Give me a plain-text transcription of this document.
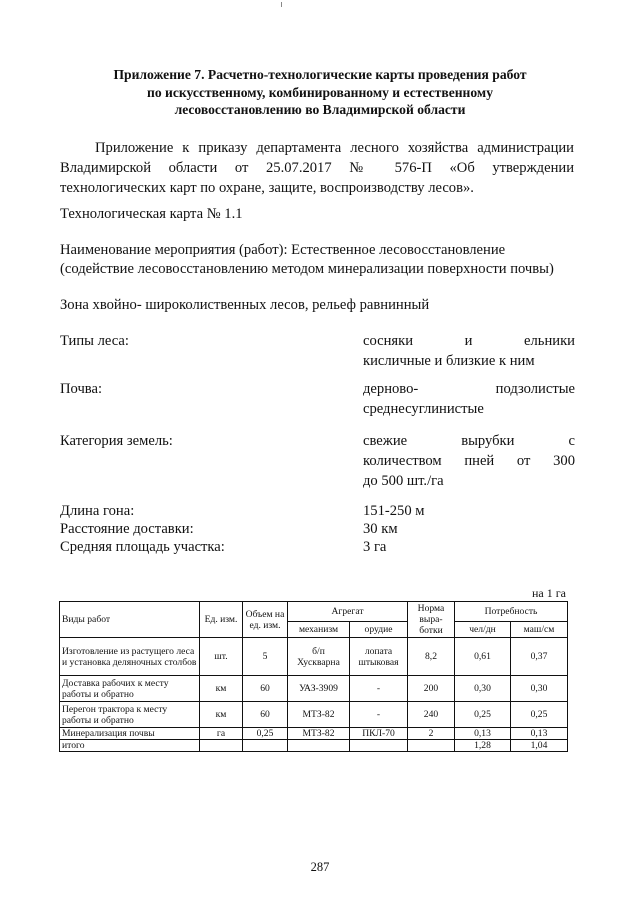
Приложение 7. Расчетно-технологические карты проведения работ
по искусственному, комбинированному и естественному
лесовосстановлению во Владимирской области
Приложение к приказу департамента лесного хозяйства администрации
Владимирской области от 25.07.2017 № 576-П «Об утверждении
технологических карт по охране, защите, воспроизводству лесов».
Технологическая карта № 1.1
Наименование мероприятия (работ): Естественное лесовосстановление
(содействие лесовосстановлению методом минерализации поверхности почвы)
Зона хвойно- широколиственных лесов, рельеф равнинный
Типы леса:	сосняки и ельники
кисличные и близкие к ним
Почва:	дерново- подзолистые
среднесуглинистые
Категория земель:	свежие вырубки с
количеством пней от 300
до 500 шт./га
Длина гона:	151-250 м
Расстояние доставки:	30 км
Средняя площадь участка:	3 га
на 1 га
Виды работ	Ед. изм.	Объем на ед. изм.	Агрегат		Норма выра-ботки	Потребность	
			механизм	орудие		чел/дн	маш/см
Изготовление из растущего леса и установка деляночных столбов	шт.	5	б/п Хускварна	лопата штыковая	8,2	0,61	0,37
Доставка рабочих к месту работы и обратно	км	60	УАЗ-3909	-	200	0,30	0,30
Перегон трактора к месту работы и обратно	км	60	МТЗ-82	-	240	0,25	0,25
Минерализация почвы	га	0,25	МТЗ-82	ПКЛ-70	2	0,13	0,13
итого						1,28	1,04
287
